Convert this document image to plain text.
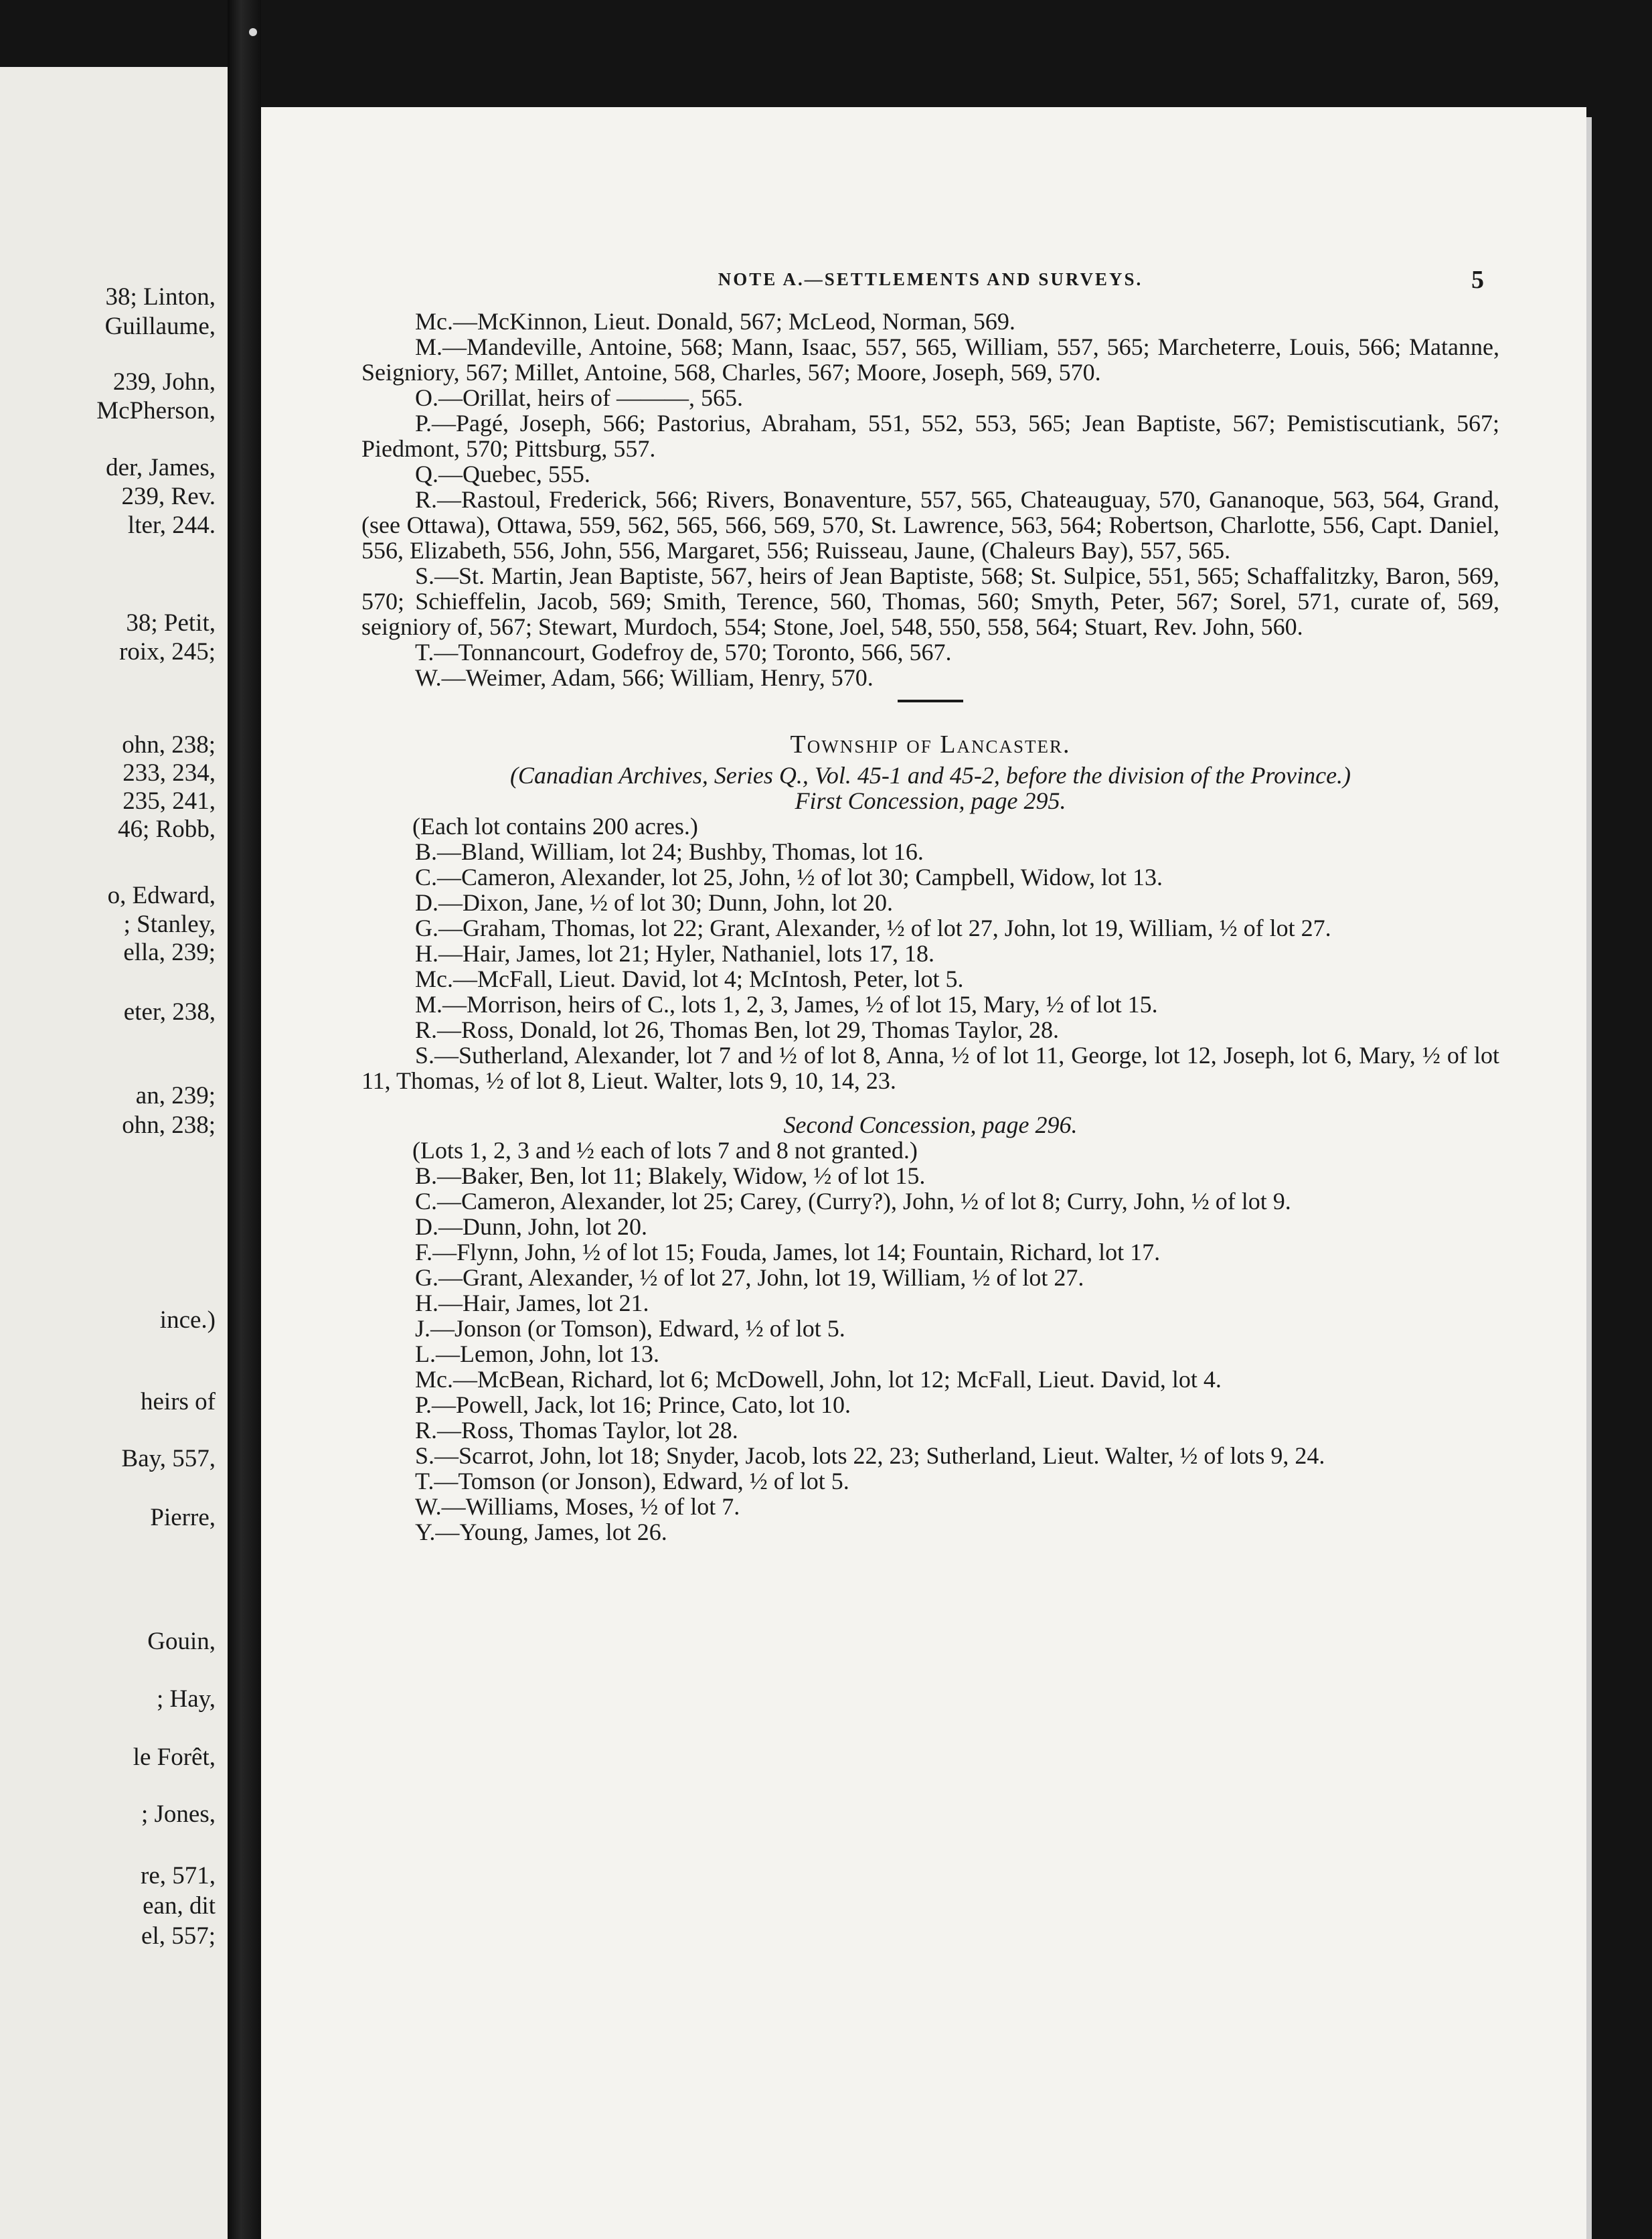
38; Linton,
Guillaume,
239, John,
McPherson,
der, James,
239, Rev.
lter, 244.
38; Petit,
roix, 245;
ohn, 238;
233, 234,
235, 241,
46; Robb,
o, Edward,
; Stanley,
ella, 239;
eter, 238,
an, 239;
ohn, 238;
ince.)
heirs of
Bay, 557,
Pierre,
Gouin,
; Hay,
le Forêt,
; Jones,
re, 571,
ean, dit
el, 557;
NOTE A.—SETTLEMENTS AND SURVEYS.	5

Mc.—McKinnon, Lieut. Donald, 567; McLeod, Norman, 569.

M.—Mandeville, Antoine, 568; Mann, Isaac, 557, 565, William, 557, 565; Marcheterre, Louis, 566; Matanne, Seigniory, 567; Millet, Antoine, 568, Charles, 567; Moore, Joseph, 569, 570.

O.—Orillat, heirs of ———, 565.

P.—Pagé, Joseph, 566; Pastorius, Abraham, 551, 552, 553, 565; Jean Baptiste, 567; Pemistiscutiank, 567; Piedmont, 570; Pittsburg, 557.

Q.—Quebec, 555.

R.—Rastoul, Frederick, 566; Rivers, Bonaventure, 557, 565, Chateauguay, 570, Gananoque, 563, 564, Grand, (see Ottawa), Ottawa, 559, 562, 565, 566, 569, 570, St. Lawrence, 563, 564; Robertson, Charlotte, 556, Capt. Daniel, 556, Elizabeth, 556, John, 556, Margaret, 556; Ruisseau, Jaune, (Chaleurs Bay), 557, 565.

S.—St. Martin, Jean Baptiste, 567, heirs of Jean Baptiste, 568; St. Sulpice, 551, 565; Schaffalitzky, Baron, 569, 570; Schieffelin, Jacob, 569; Smith, Terence, 560, Thomas, 560; Smyth, Peter, 567; Sorel, 571, curate of, 569, seigniory of, 567; Stewart, Murdoch, 554; Stone, Joel, 548, 550, 558, 564; Stuart, Rev. John, 560.

T.—Tonnancourt, Godefroy de, 570; Toronto, 566, 567.

W.—Weimer, Adam, 566; William, Henry, 570.

Township of Lancaster.

(Canadian Archives, Series Q., Vol. 45-1 and 45-2, before the division of the Province.)

First Concession, page 295.

(Each lot contains 200 acres.)

B.—Bland, William, lot 24; Bushby, Thomas, lot 16.

C.—Cameron, Alexander, lot 25, John, ½ of lot 30; Campbell, Widow, lot 13.

D.—Dixon, Jane, ½ of lot 30; Dunn, John, lot 20.

G.—Graham, Thomas, lot 22; Grant, Alexander, ½ of lot 27, John, lot 19, William, ½ of lot 27.

H.—Hair, James, lot 21; Hyler, Nathaniel, lots 17, 18.

Mc.—McFall, Lieut. David, lot 4; McIntosh, Peter, lot 5.

M.—Morrison, heirs of C., lots 1, 2, 3, James, ½ of lot 15, Mary, ½ of lot 15.

R.—Ross, Donald, lot 26, Thomas Ben, lot 29, Thomas Taylor, 28.

S.—Sutherland, Alexander, lot 7 and ½ of lot 8, Anna, ½ of lot 11, George, lot 12, Joseph, lot 6, Mary, ½ of lot 11, Thomas, ½ of lot 8, Lieut. Walter, lots 9, 10, 14, 23.

Second Concession, page 296.

(Lots 1, 2, 3 and ½ each of lots 7 and 8 not granted.)

B.—Baker, Ben, lot 11; Blakely, Widow, ½ of lot 15.

C.—Cameron, Alexander, lot 25; Carey, (Curry?), John, ½ of lot 8; Curry, John, ½ of lot 9.

D.—Dunn, John, lot 20.

F.—Flynn, John, ½ of lot 15; Fouda, James, lot 14; Fountain, Richard, lot 17.

G.—Grant, Alexander, ½ of lot 27, John, lot 19, William, ½ of lot 27.

H.—Hair, James, lot 21.

J.—Jonson (or Tomson), Edward, ½ of lot 5.

L.—Lemon, John, lot 13.

Mc.—McBean, Richard, lot 6; McDowell, John, lot 12; McFall, Lieut. David, lot 4.

P.—Powell, Jack, lot 16; Prince, Cato, lot 10.

R.—Ross, Thomas Taylor, lot 28.

S.—Scarrot, John, lot 18; Snyder, Jacob, lots 22, 23; Sutherland, Lieut. Walter, ½ of lots 9, 24.

T.—Tomson (or Jonson), Edward, ½ of lot 5.

W.—Williams, Moses, ½ of lot 7.

Y.—Young, James, lot 26.
